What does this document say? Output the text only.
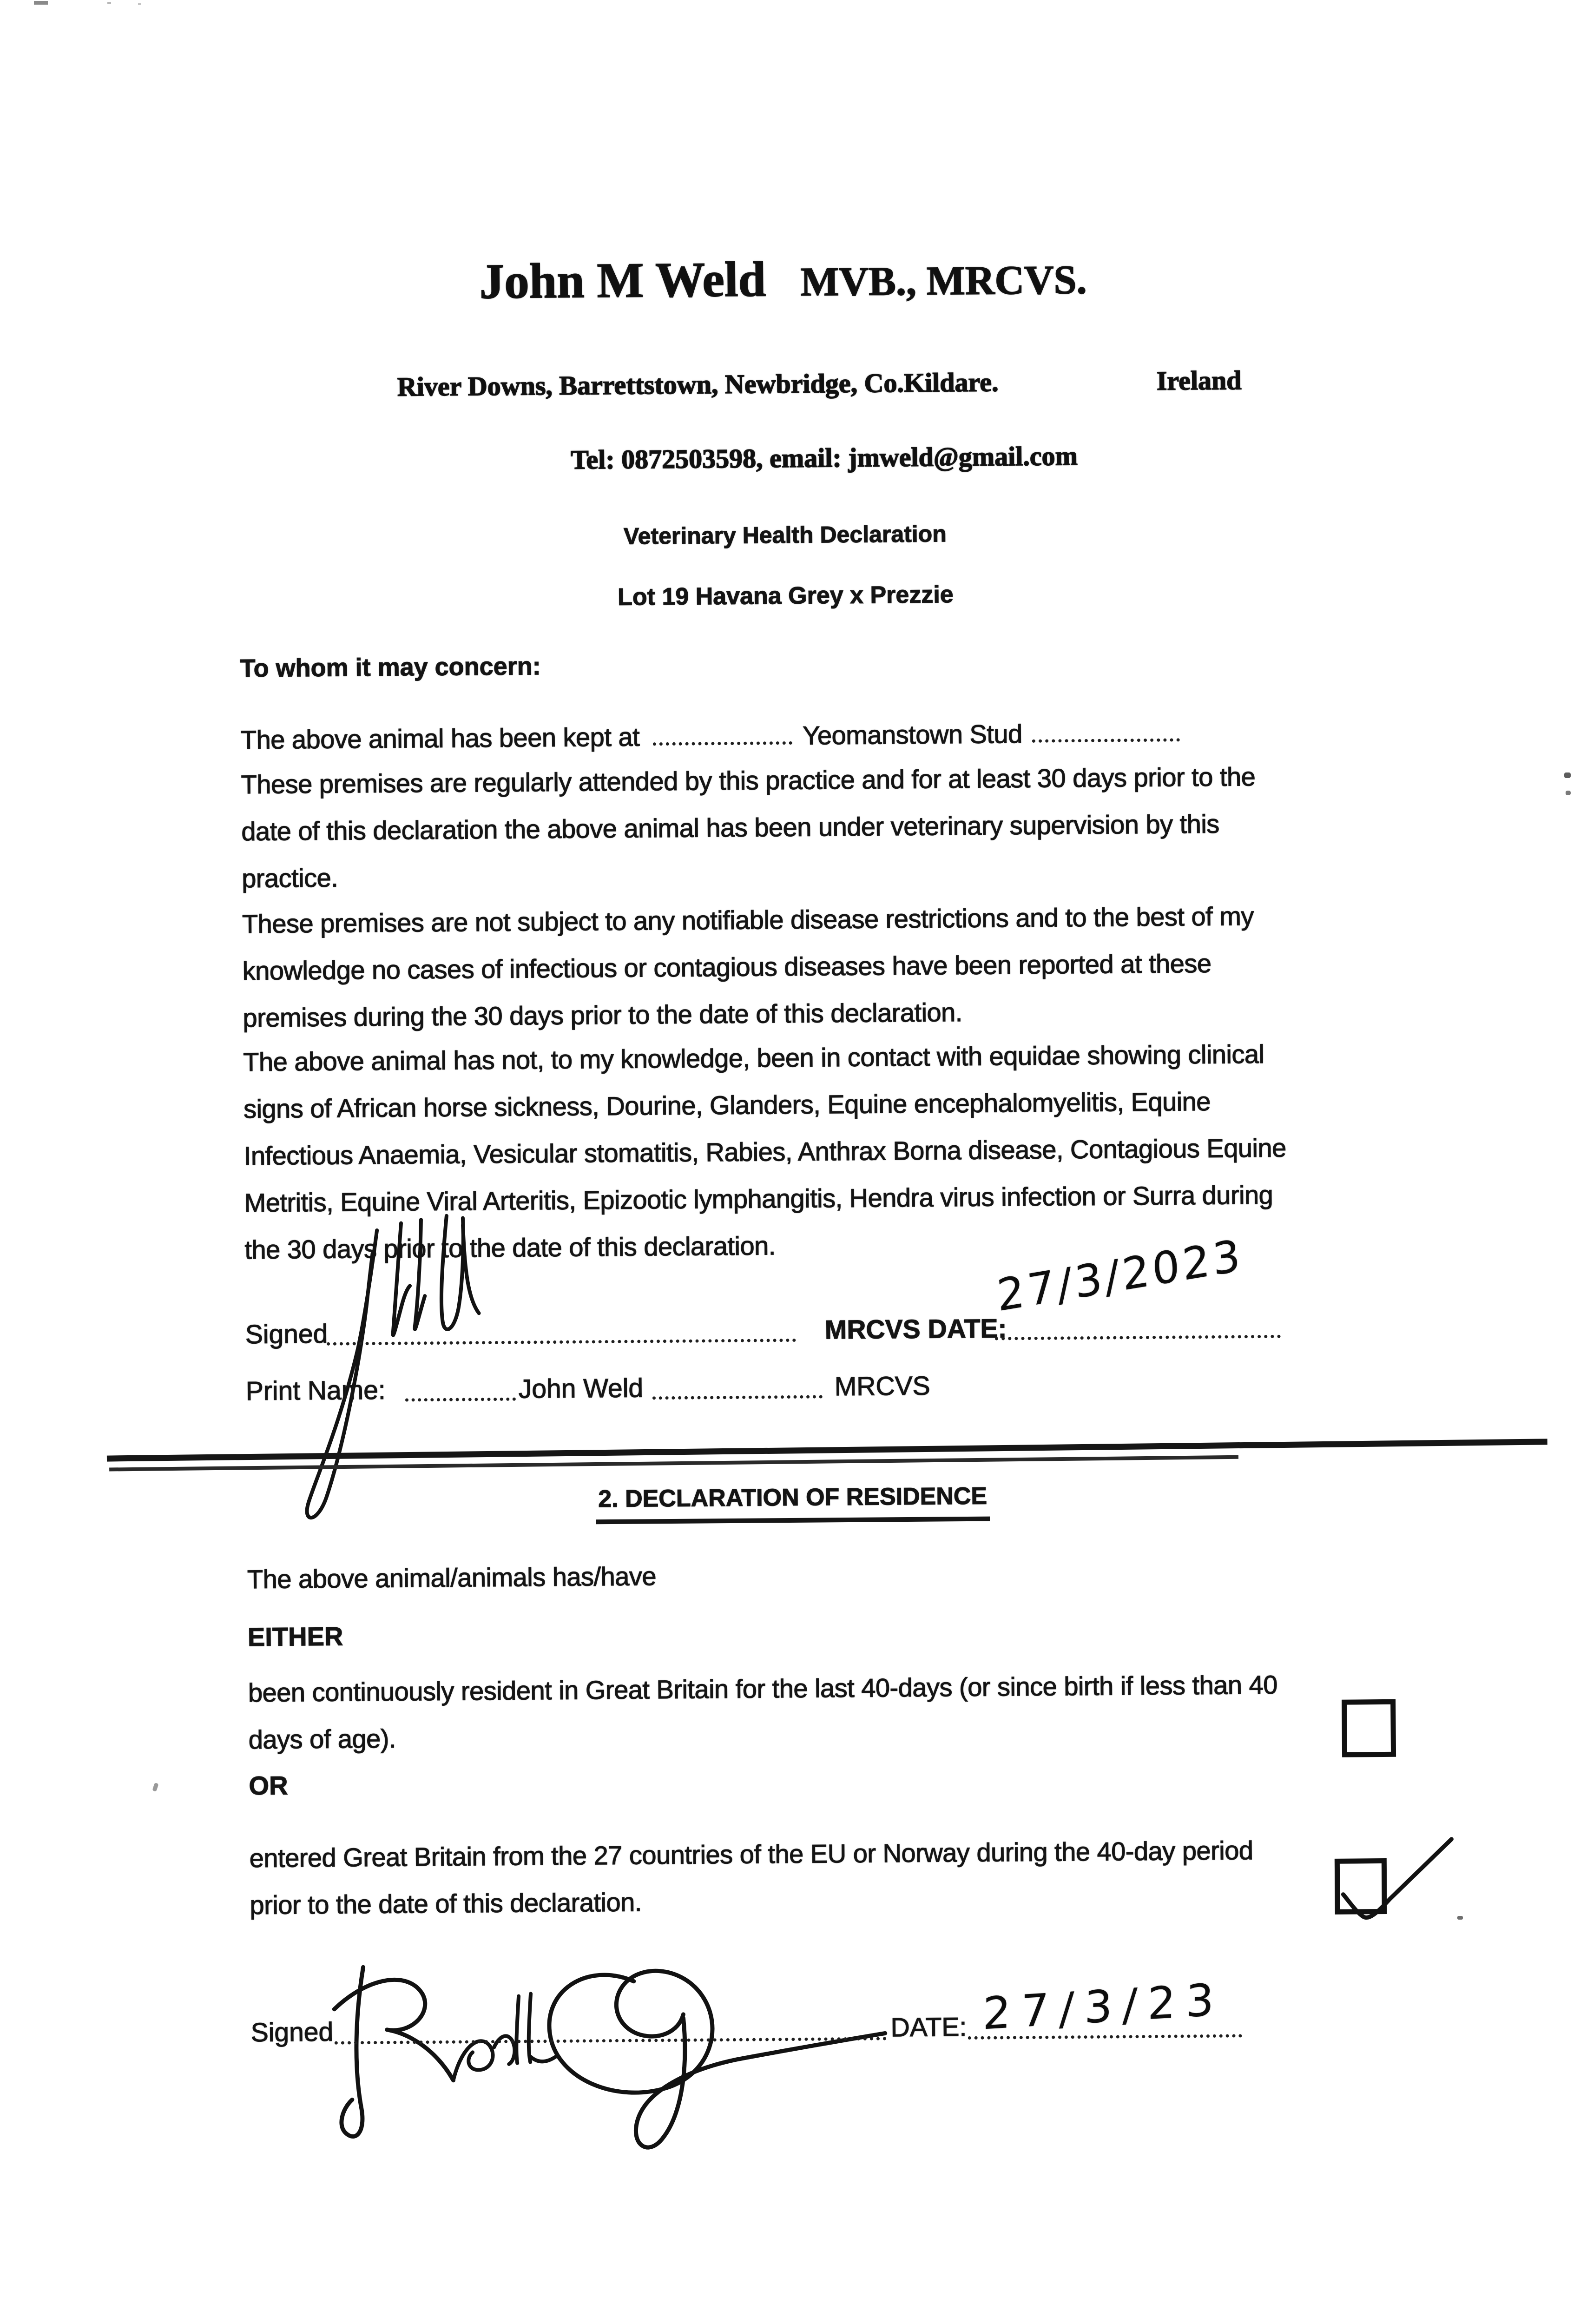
John M Weld MVB., MRCVS.
River Downs, Barrettstown, Newbridge, Co.Kildare.	Ireland
Tel: 0872503598, email: jmweld@gmail.com
Veterinary Health Declaration
Lot 19 Havana Grey x Prezzie
To whom it may concern:
The above animal has been kept at	Yeomanstown Stud
These premises are regularly attended by this practice and for at least 30 days prior to the
date of this declaration the above animal has been under veterinary supervision by this
practice.
These premises are not subject to any notifiable disease restrictions and to the best of my
knowledge no cases of infectious or contagious diseases have been reported at these
premises during the 30 days prior to the date of this declaration.
The above animal has not, to my knowledge, been in contact with equidae showing clinical
signs of African horse sickness, Dourine, Glanders, Equine encephalomyelitis, Equine
Infectious Anaemia, Vesicular stomatitis, Rabies, Anthrax Borna disease, Contagious Equine
Metritis, Equine Viral Arteritis, Epizootic lymphangitis, Hendra virus infection or Surra during
the 30 days prior to the date of this declaration.
Signed	MRCVS DATE:
27/3/2023
Print Name:	John Weld	MRCVS
2. DECLARATION OF RESIDENCE
The above animal/animals has/have
EITHER
been continuously resident in Great Britain for the last 40-days (or since birth if less than 40
days of age).
OR
entered Great Britain from the 27 countries of the EU or Norway during the 40-day period
prior to the date of this declaration.
Signed	DATE: 27/3/23
